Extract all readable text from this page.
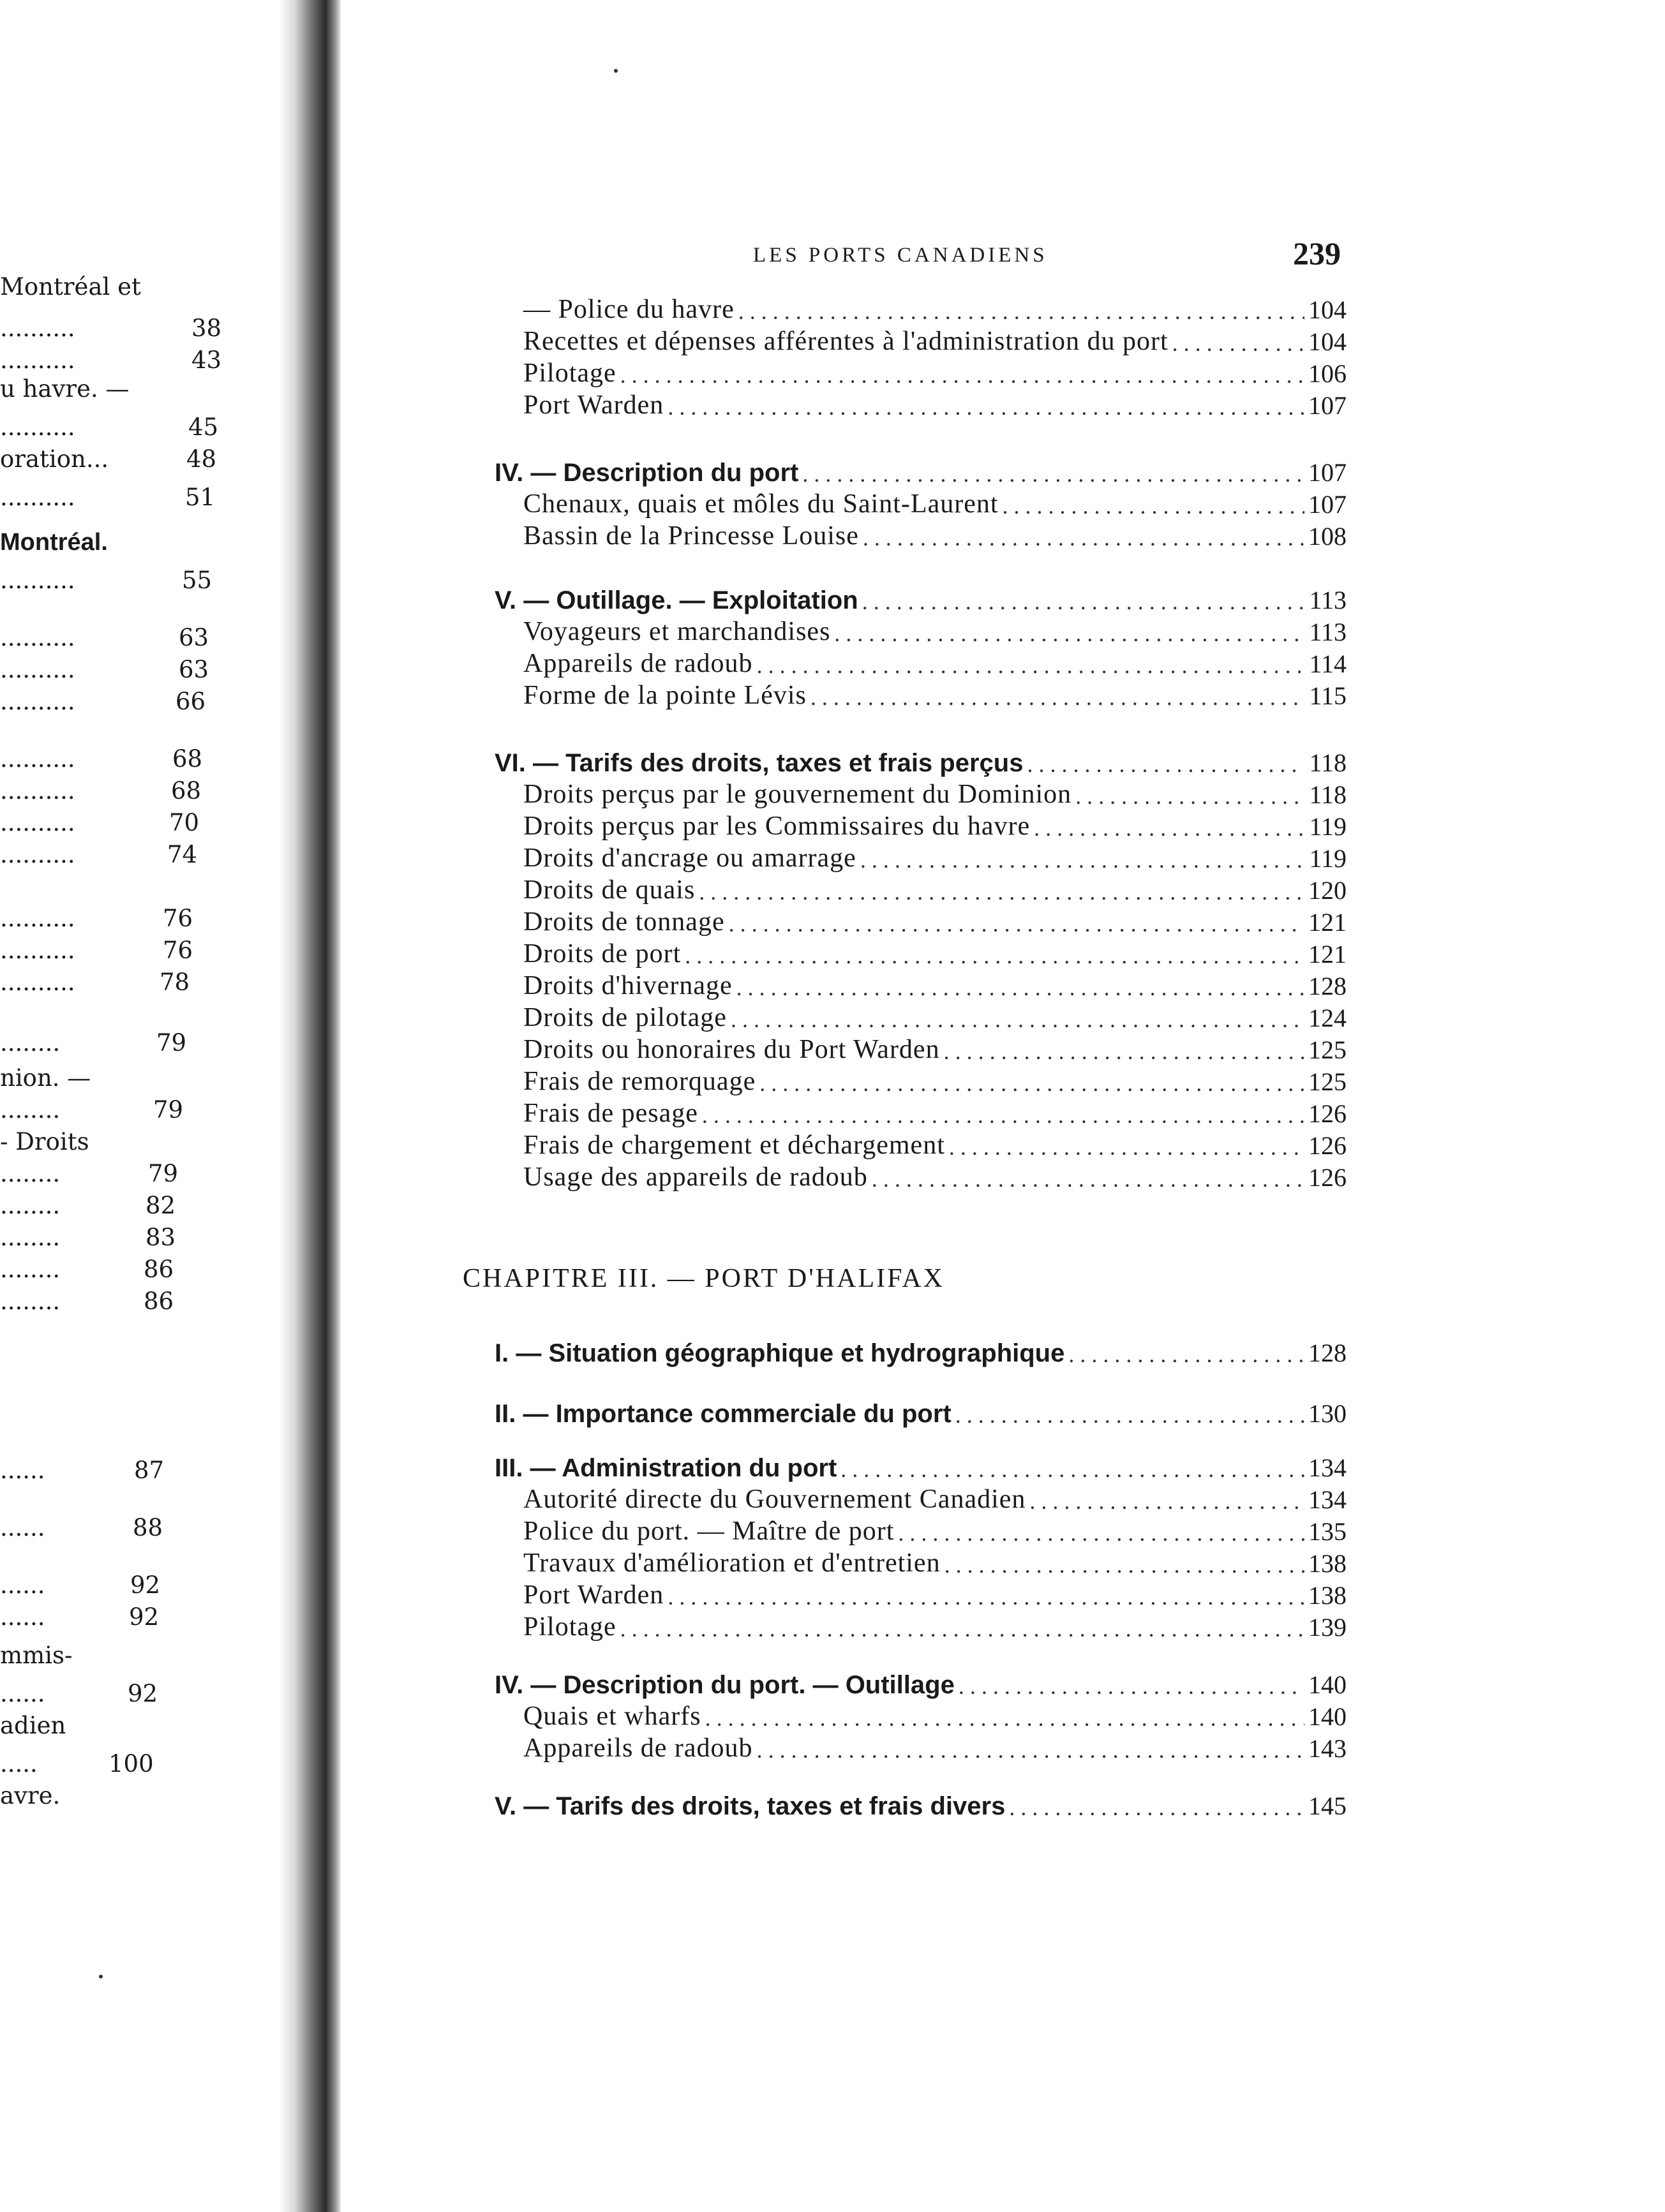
Montréal et
..........	38
..........	43
u havre. —
..........	45
oration...	48
..........	51
Montréal.
..........	55
..........	63
..........	63
..........	66
..........	68
..........	68
..........	70
..........	74
..........	76
..........	76
..........	78
........	79
nion. —
........	79
- Droits
........	79
........	82
........	83
........	86
........	86
......	87
......	88
......	92
......	92
mmis-
......	92
adien
.....	100
avre.
LES PORTS CANADIENS	239
CHAPITRE III. — PORT D'HALIFAX
— Police du havre .....	104
Recettes et dépenses afférentes à l'administration du port .....	104
Pilotage .....	106
Port Warden .....	107
IV. — Description du port .....	107
Chenaux, quais et môles du Saint-Laurent .....	107
Bassin de la Princesse Louise .....	108
V. — Outillage. — Exploitation .....	113
Voyageurs et marchandises .....	113
Appareils de radoub .....	114
Forme de la pointe Lévis .....	115
VI. — Tarifs des droits, taxes et frais perçus .....	118
Droits perçus par le gouvernement du Dominion .....	118
Droits perçus par les Commissaires du havre .....	119
Droits d'ancrage ou amarrage .....	119
Droits de quais .....	120
Droits de tonnage .....	121
Droits de port .....	121
Droits d'hivernage .....	128
Droits de pilotage .....	124
Droits ou honoraires du Port Warden .....	125
Frais de remorquage .....	125
Frais de pesage .....	126
Frais de chargement et déchargement .....	126
Usage des appareils de radoub .....	126
I. — Situation géographique et hydrographique .....	128
II. — Importance commerciale du port .....	130
III. — Administration du port .....	134
Autorité directe du Gouvernement Canadien .....	134
Police du port. — Maître de port .....	135
Travaux d'amélioration et d'entretien .....	138
Port Warden .....	138
Pilotage .....	139
IV. — Description du port. — Outillage .....	140
Quais et wharfs .....	140
Appareils de radoub .....	143
V. — Tarifs des droits, taxes et frais divers .....	145
